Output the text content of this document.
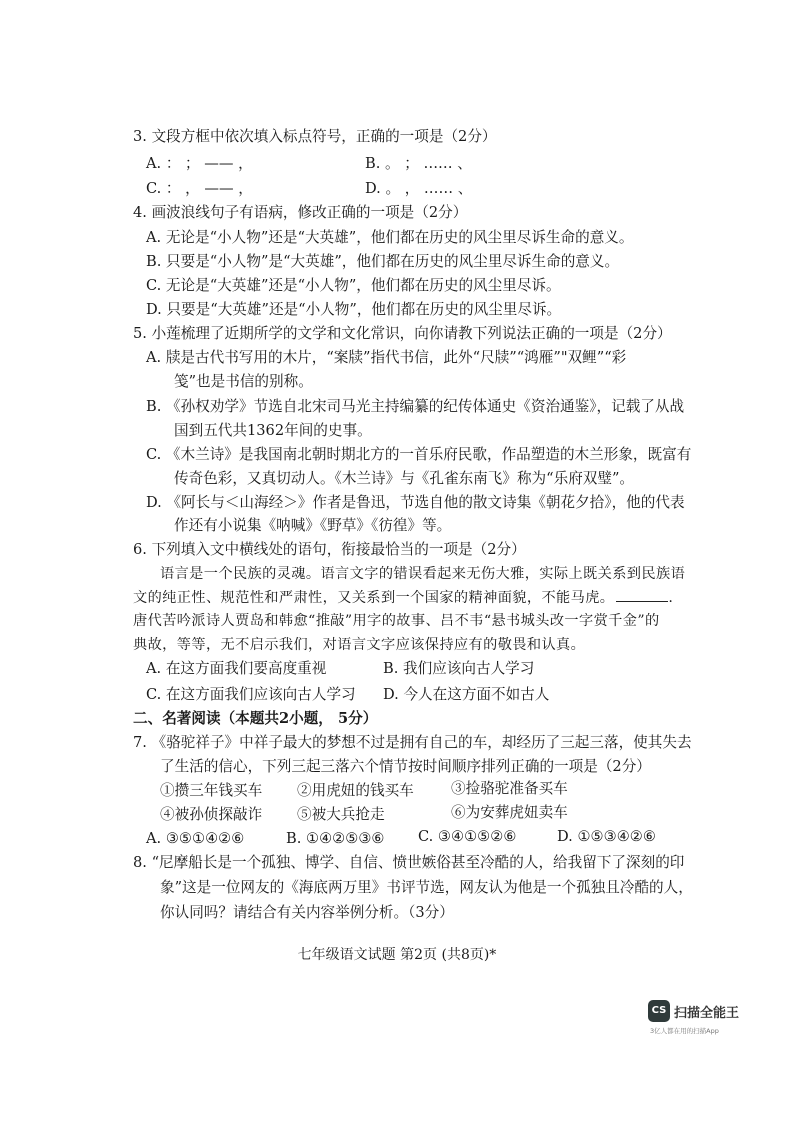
3. 文段方框中依次填入标点符号，正确的一项是（2分）
A. ： ； —— ，	B. 。 ； …… 、
C. ： ， —— ，	D. 。 ， …… 、
4. 画波浪线句子有语病，修改正确的一项是（2分）
A. 无论是“小人物”还是“大英雄”，他们都在历史的风尘里尽诉生命的意义。
B. 只要是“小人物”是“大英雄”，他们都在历史的风尘里尽诉生命的意义。
C. 无论是“大英雄”还是“小人物”，他们都在历史的风尘里尽诉。
D. 只要是“大英雄”还是“小人物”，他们都在历史的风尘里尽诉。
5. 小莲梳理了近期所学的文学和文化常识，向你请教下列说法正确的一项是（2分）
A. 牍是古代书写用的木片，“案牍”指代书信，此外“尺牍”“鸿雁”"双鲤”“彩
笺”也是书信的别称。
B. 《孙权劝学》节选自北宋司马光主持编纂的纪传体通史《资治通鉴》，记载了从战
国到五代共1362年间的史事。
C. 《木兰诗》是我国南北朝时期北方的一首乐府民歌，作品塑造的木兰形象，既富有
传奇色彩，又真切动人。《木兰诗》与《孔雀东南飞》称为“乐府双璧”。
D. 《阿长与＜山海经＞》作者是鲁迅，节选自他的散文诗集《朝花夕拾》，他的代表
作还有小说集《呐喊》《野草》《彷徨》等。
6. 下列填入文中横线处的语句，衔接最恰当的一项是（2分）
语言是一个民族的灵魂。语言文字的错误看起来无伤大雅，实际上既关系到民族语
文的纯正性、规范性和严肃性，又关系到一个国家的精神面貌，不能马虎。	.
唐代苦吟派诗人贾岛和韩愈“推敲”用字的故事、吕不韦“悬书城头改一字赏千金”的
典故，等等，无不启示我们，对语言文字应该保持应有的敬畏和认真。
A. 在这方面我们要高度重视	B. 我们应该向古人学习
C. 在这方面我们应该向古人学习 D. 今人在这方面不如古人
二、名著阅读（本题共2小题， 5分）
7. 《骆驼祥子》中祥子最大的梦想不过是拥有自己的车，却经历了三起三落，使其失去
了生活的信心，下列三起三落六个情节按时间顺序排列正确的一项是（2分）
①攒三年钱买车 ②用虎妞的钱买车	③捡骆驼准备买车
④被孙侦探敲诈 ⑤被大兵抢走	⑥为安葬虎妞卖车
A. ③⑤①④②⑥	B. ①④②⑤③⑥ C. ③④①⑤②⑥	D. ①⑤③④②⑥
8. “尼摩船长是一个孤独、博学、自信、愤世嫉俗甚至冷酷的人，给我留下了深刻的印
象”这是一位网友的《海底两万里》书评节选，网友认为他是一个孤独且冷酷的人，
你认同吗？请结合有关内容举例分析。（3分）
七年级语文试题 第2页 (共8页)*
CS 扫描全能王
3亿人都在用的扫描App
